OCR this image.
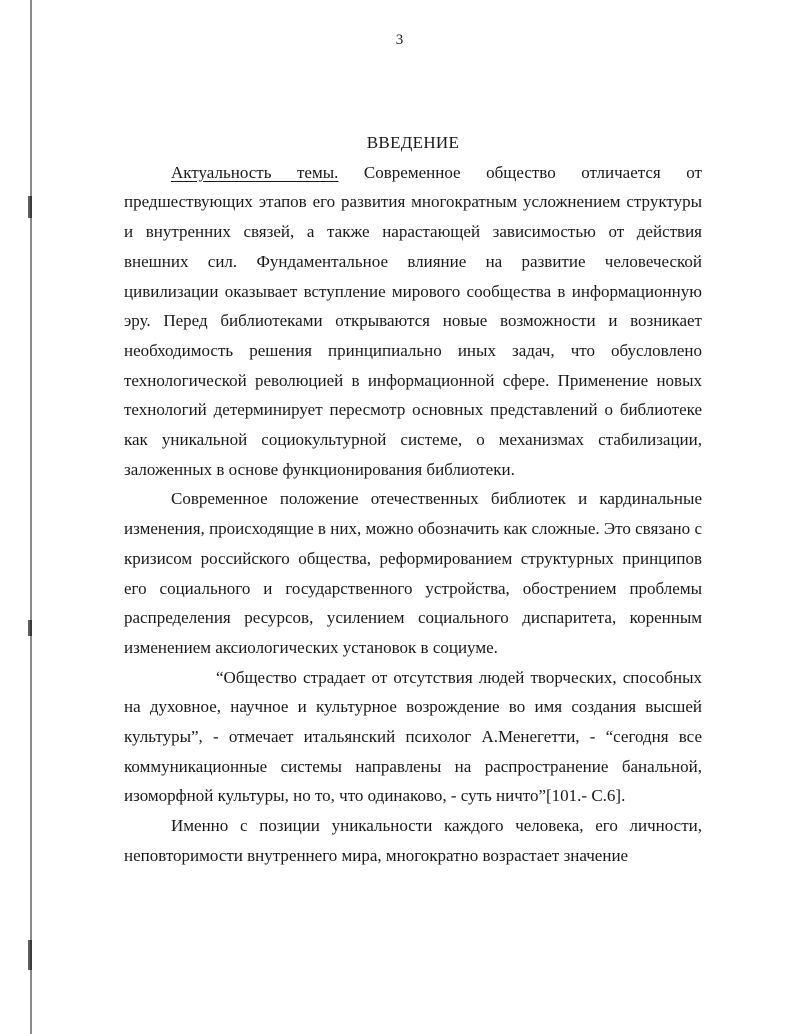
3
ВВЕДЕНИЕ

Актуальность темы. Современное общество отличается от предшествующих этапов его развития многократным усложнением структуры и внутренних связей, а также нарастающей зависимостью от действия внешних сил. Фундаментальное влияние на развитие человеческой цивилизации оказывает вступление мирового сообщества в информационную эру. Перед библиотеками открываются новые возможности и возникает необходимость решения принципиально иных задач, что обусловлено технологической революцией в информационной сфере. Применение новых технологий детерминирует пересмотр основных представлений о библиотеке как уникальной социокультурной системе, о механизмах стабилизации, заложенных в основе функционирования библиотеки.

Современное положение отечественных библиотек и кардинальные изменения, происходящие в них, можно обозначить как сложные. Это связано с кризисом российского общества, реформированием структурных принципов его социального и государственного устройства, обострением проблемы распределения ресурсов, усилением социального диспаритета, коренным изменением аксиологических установок в социуме.

“Общество страдает от отсутствия людей творческих, способных на духовное, научное и культурное возрождение во имя создания высшей культуры”, - отмечает итальянский психолог А.Менегетти, - “сегодня все коммуникационные системы направлены на распространение банальной, изоморфной культуры, но то, что одинаково, - суть ничто”[101.- С.6].

Именно с позиции уникальности каждого человека, его личности, неповторимости внутреннего мира, многократно возрастает значение
